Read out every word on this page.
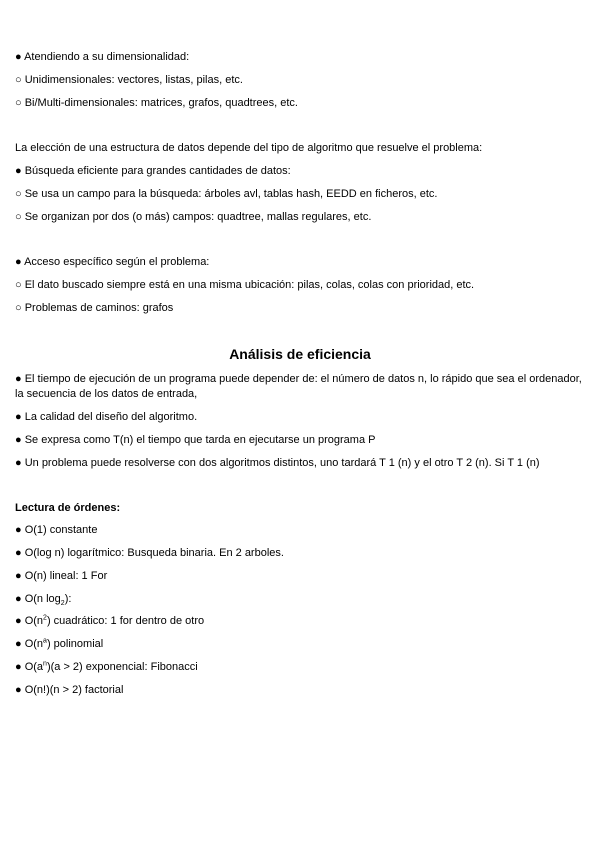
● Atendiendo a su dimensionalidad:
○ Unidimensionales: vectores, listas, pilas, etc.
○ Bi/Multi-dimensionales: matrices, grafos, quadtrees, etc.
La elección de una estructura de datos depende del tipo de algoritmo que resuelve el problema:
● Búsqueda eficiente para grandes cantidades de datos:
○ Se usa un campo para la búsqueda: árboles avl, tablas hash, EEDD en ficheros, etc.
○ Se organizan por dos (o más) campos: quadtree, mallas regulares, etc.
● Acceso específico según el problema:
○ El dato buscado siempre está en una misma ubicación: pilas, colas, colas con prioridad, etc.
○ Problemas de caminos: grafos
Análisis de eficiencia
● El tiempo de ejecución de un programa puede depender de: el número de datos n, lo rápido que sea el ordenador, la secuencia de los datos de entrada,
● La calidad del diseño del algoritmo.
● Se expresa como T(n) el tiempo que tarda en ejecutarse un programa P
● Un problema puede resolverse con dos algoritmos distintos, uno tardará T 1 (n) y el otro T 2 (n). Si T 1 (n)
Lectura de órdenes:
● O(1) constante
● O(log n) logarítmico: Busqueda binaria. En 2 arboles.
● O(n) lineal: 1 For
● O(n $\log_2$):
● $O(n^2)$ cuadrático: 1 for dentro de otro
● $O(n^a)$ polinomial
● $O(a^n)(a > 2)$ exponencial: Fibonacci
● O(n!)(n > 2) factorial
